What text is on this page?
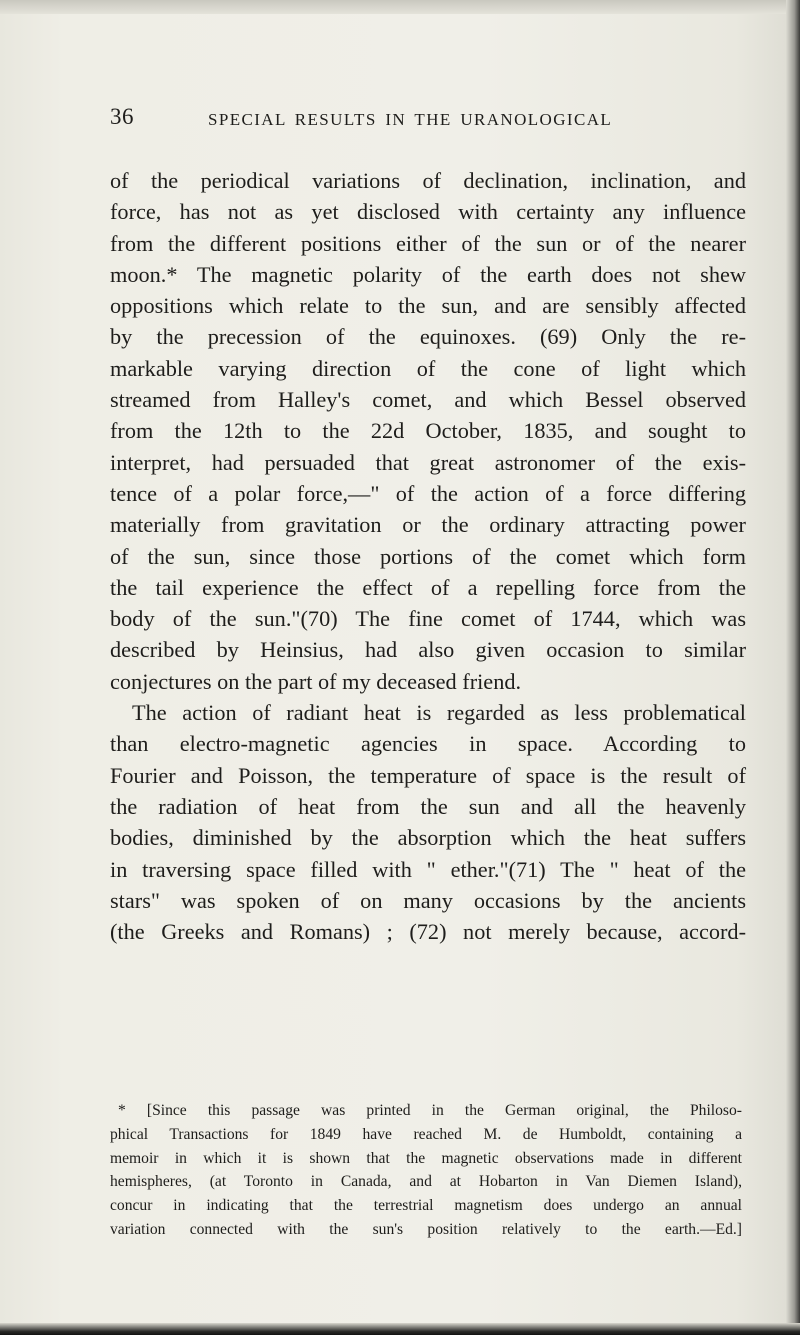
36	SPECIAL RESULTS IN THE URANOLOGICAL
of the periodical variations of declination, inclination, and
force, has not as yet disclosed with certainty any influence
from the different positions either of the sun or of the nearer
moon.* The magnetic polarity of the earth does not shew
oppositions which relate to the sun, and are sensibly affected
by the precession of the equinoxes. (69) Only the re-
markable varying direction of the cone of light which
streamed from Halley's comet, and which Bessel observed
from the 12th to the 22d October, 1835, and sought to
interpret, had persuaded that great astronomer of the exis-
tence of a polar force,—" of the action of a force differing
materially from gravitation or the ordinary attracting power
of the sun, since those portions of the comet which form
the tail experience the effect of a repelling force from the
body of the sun."(70) The fine comet of 1744, which was
described by Heinsius, had also given occasion to similar
conjectures on the part of my deceased friend.
The action of radiant heat is regarded as less problematical
than electro-magnetic agencies in space. According to
Fourier and Poisson, the temperature of space is the result of
the radiation of heat from the sun and all the heavenly
bodies, diminished by the absorption which the heat suffers
in traversing space filled with " ether."(71) The " heat of the
stars" was spoken of on many occasions by the ancients
(the Greeks and Romans) ; (72) not merely because, accord-
* [Since this passage was printed in the German original, the Philoso-
phical Transactions for 1849 have reached M. de Humboldt, containing a
memoir in which it is shown that the magnetic observations made in different
hemispheres, (at Toronto in Canada, and at Hobarton in Van Diemen Island),
concur in indicating that the terrestrial magnetism does undergo an annual
variation connected with the sun's position relatively to the earth.—Ed.]
